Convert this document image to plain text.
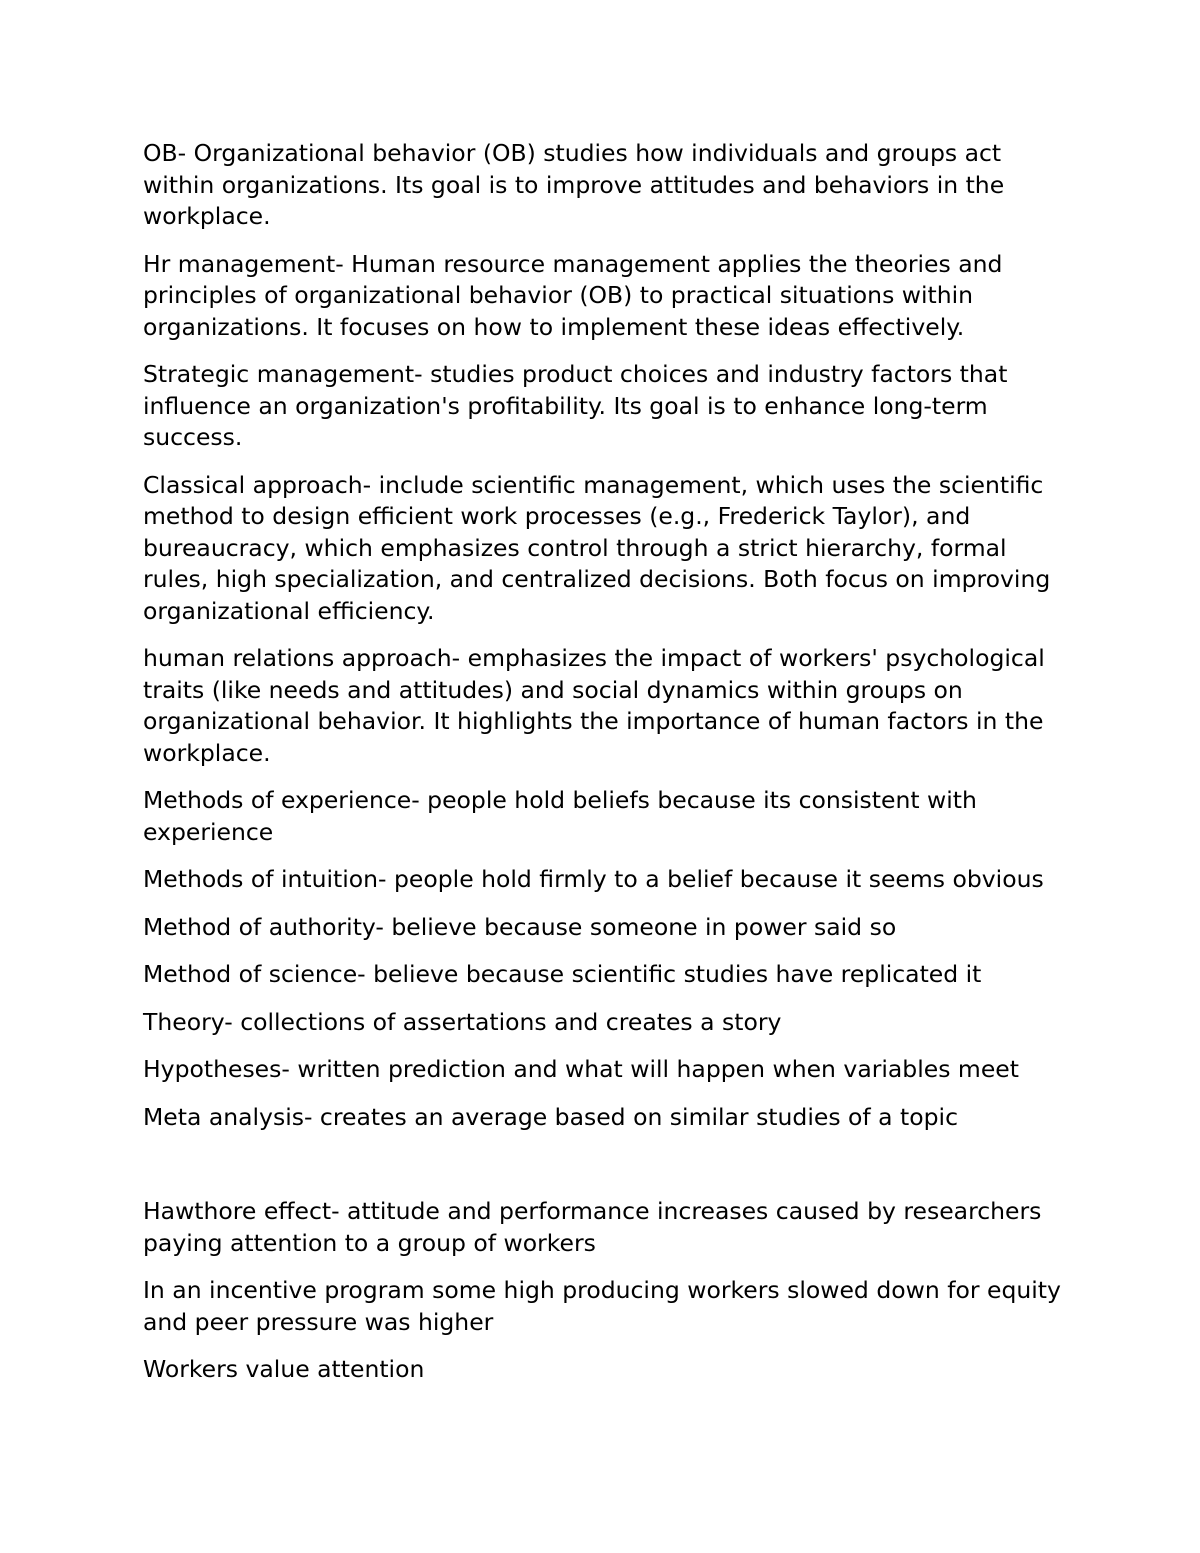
OB- Organizational behavior (OB) studies how individuals and groups act within organizations. Its goal is to improve attitudes and behaviors in the workplace.

Hr management- Human resource management applies the theories and principles of organizational behavior (OB) to practical situations within organizations. It focuses on how to implement these ideas effectively.

Strategic management- studies product choices and industry factors that influence an organization's profitability. Its goal is to enhance long-term success.

Classical approach- include scientific management, which uses the scientific method to design efficient work processes (e.g., Frederick Taylor), and bureaucracy, which emphasizes control through a strict hierarchy, formal rules, high specialization, and centralized decisions. Both focus on improving organizational efficiency.

human relations approach- emphasizes the impact of workers' psychological traits (like needs and attitudes) and social dynamics within groups on organizational behavior. It highlights the importance of human factors in the workplace.

Methods of experience- people hold beliefs because its consistent with experience

Methods of intuition- people hold firmly to a belief because it seems obvious

Method of authority- believe because someone in power said so

Method of science- believe because scientific studies have replicated it

Theory- collections of assertations and creates a story

Hypotheses- written prediction and what will happen when variables meet

Meta analysis- creates an average based on similar studies of a topic

Hawthore effect- attitude and performance increases caused by researchers paying attention to a group of workers

In an incentive program some high producing workers slowed down for equity and peer pressure was higher

Workers value attention
